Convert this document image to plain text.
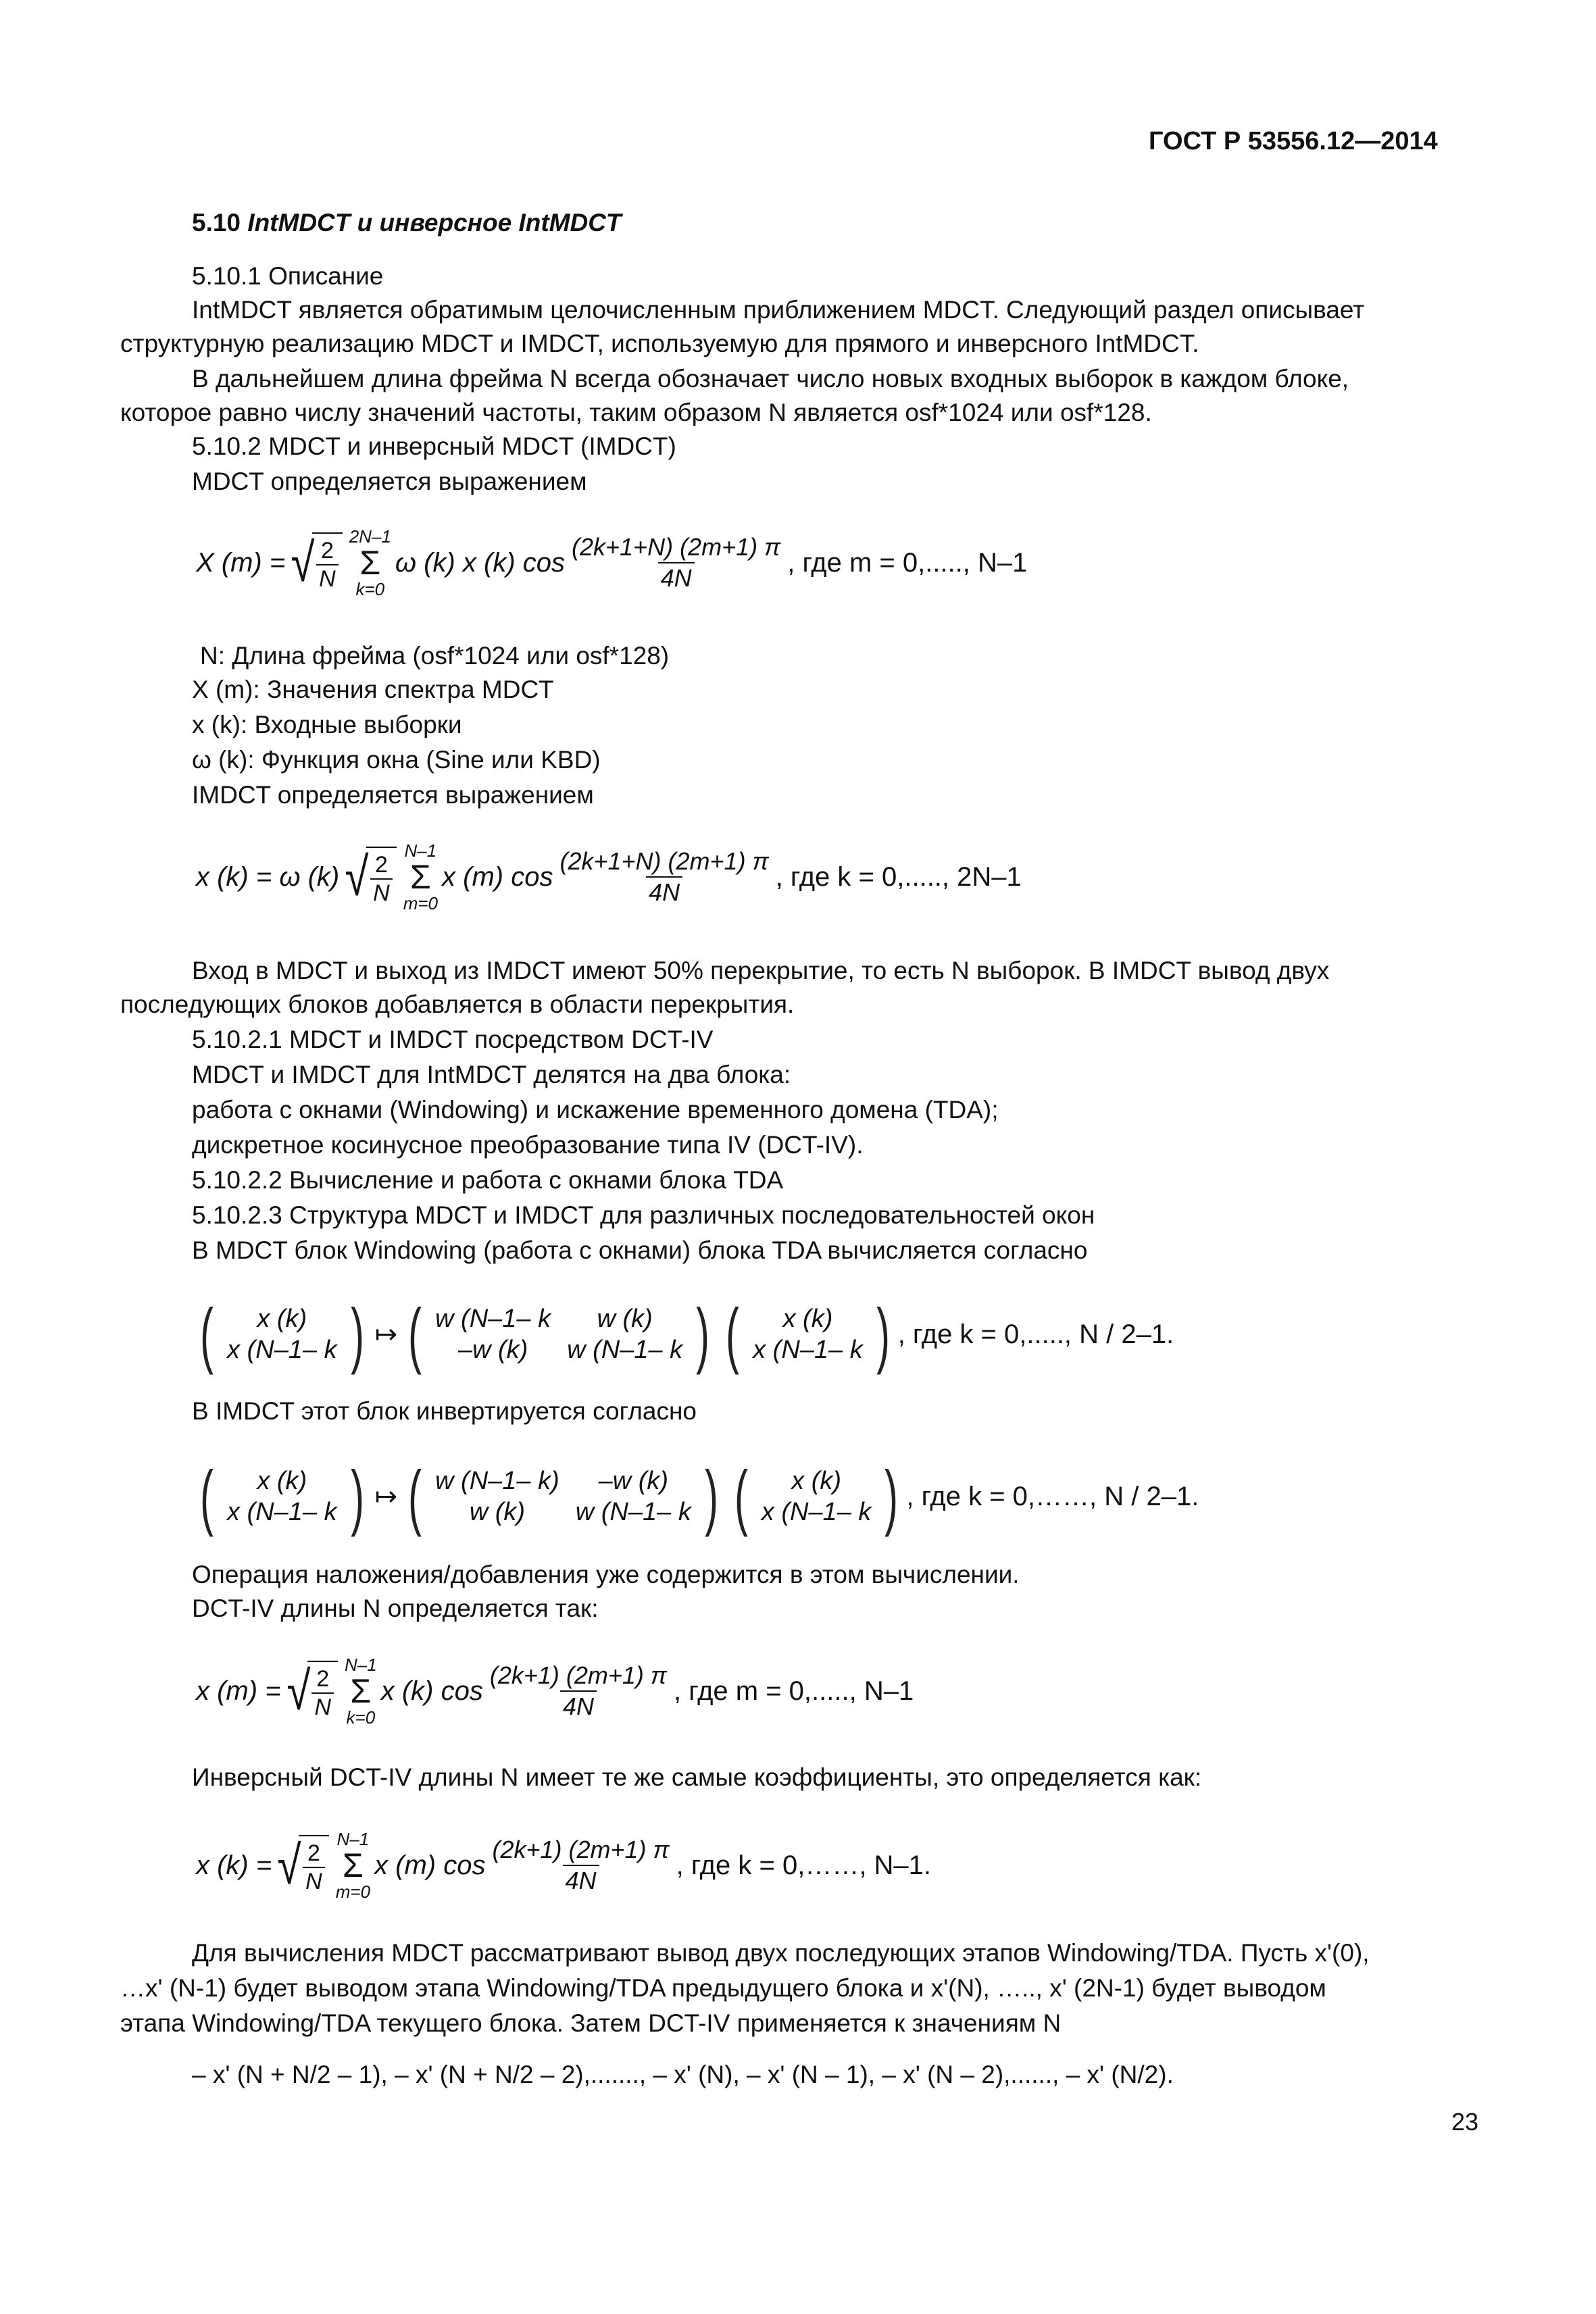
ГОСТ Р 53556.12—2014
5.10 IntMDCT и инверсное IntMDCT
5.10.1 Описание
IntMDCT является обратимым целочисленным приближением MDCT. Следующий раздел описывает
структурную реализацию MDCT и IMDCT, используемую для прямого и инверсного IntMDCT.
В дальнейшем длина фрейма N всегда обозначает число новых входных выборок в каждом блоке,
которое равно числу значений частоты, таким образом N является osf*1024 или osf*128.
5.10.2 MDCT и инверсный MDCT (IMDCT)
MDCT определяется выражением
X (m) = √ $\frac{2}{N}$
2N–1
Σ
k=0
ω (k) x (k) $\cos \frac{(2k+1+N) (2m+1) \pi}{4N}$ , где m = 0,....., N–1
N: Длина фрейма (osf*1024 или osf*128)
X (m): Значения спектра MDCT
x (k): Входные выборки
ω (k): Функция окна (Sine или KBD)
IMDCT определяется выражением
x (k) = ω (k) √ $\frac{2}{N}$
N–1
Σ
m=0
x (m) $\cos \frac{(2k+1+N) (2m+1) \pi}{4N}$ , где k = 0,....., 2N–1
Вход в MDCT и выход из IMDCT имеют 50% перекрытие, то есть N выборок. В IMDCT вывод двух
последующих блоков добавляется в области перекрытия.
5.10.2.1 MDCT и IMDCT посредством DCT-IV
MDCT и IMDCT для IntMDCT делятся на два блока:
работа с окнами (Windowing) и искажение временного домена (TDA);
дискретное косинусное преобразование типа IV (DCT-IV).
5.10.2.2 Вычисление и работа с окнами блока TDA
5.10.2.3 Структура MDCT и IMDCT для различных последовательностей окон
В MDCT блок Windowing (работа с окнами) блока TDA вычисляется согласно
( x (k)
x (N–1– k ) ↦ ( w (N–1– k	w (k)
–w (k)	w (N–1– k ) ( x (k)
x (N–1– k ) , где k = 0,....., N / 2–1.
В IMDCT этот блок инвертируется согласно
( x (k)
x (N–1– k ) ↦ ( w (N–1– k)	–w (k)
w (k)	w (N–1– k ) ( x (k)
x (N–1– k ) , где k = 0,……, N / 2–1.
Операция наложения/добавления уже содержится в этом вычислении.
DCT-IV длины N определяется так:
x (m) = √ $\frac{2}{N}$
N–1
Σ
k=0
x (k) $\cos \frac{(2k+1) (2m+1) \pi}{4N}$ , где m = 0,....., N–1
Инверсный DCT-IV длины N имеет те же самые коэффициенты, это определяется как:
x (k) = √ $\frac{2}{N}$
N–1
Σ
m=0
x (m) $\cos \frac{(2k+1) (2m+1) \pi}{4N}$ , где k = 0,……, N–1.
Для вычисления MDCT рассматривают вывод двух последующих этапов Windowing/TDA. Пусть x'(0),
…x' (N-1) будет выводом этапа Windowing/TDA предыдущего блока и x'(N), ….., x' (2N-1) будет выводом
этапа Windowing/TDA текущего блока. Затем DCT-IV применяется к значениям N
– x' (N + N/2 – 1), – x' (N + N/2 – 2),......., – x' (N), – x' (N – 1), – x' (N – 2),......, – x' (N/2).
23
